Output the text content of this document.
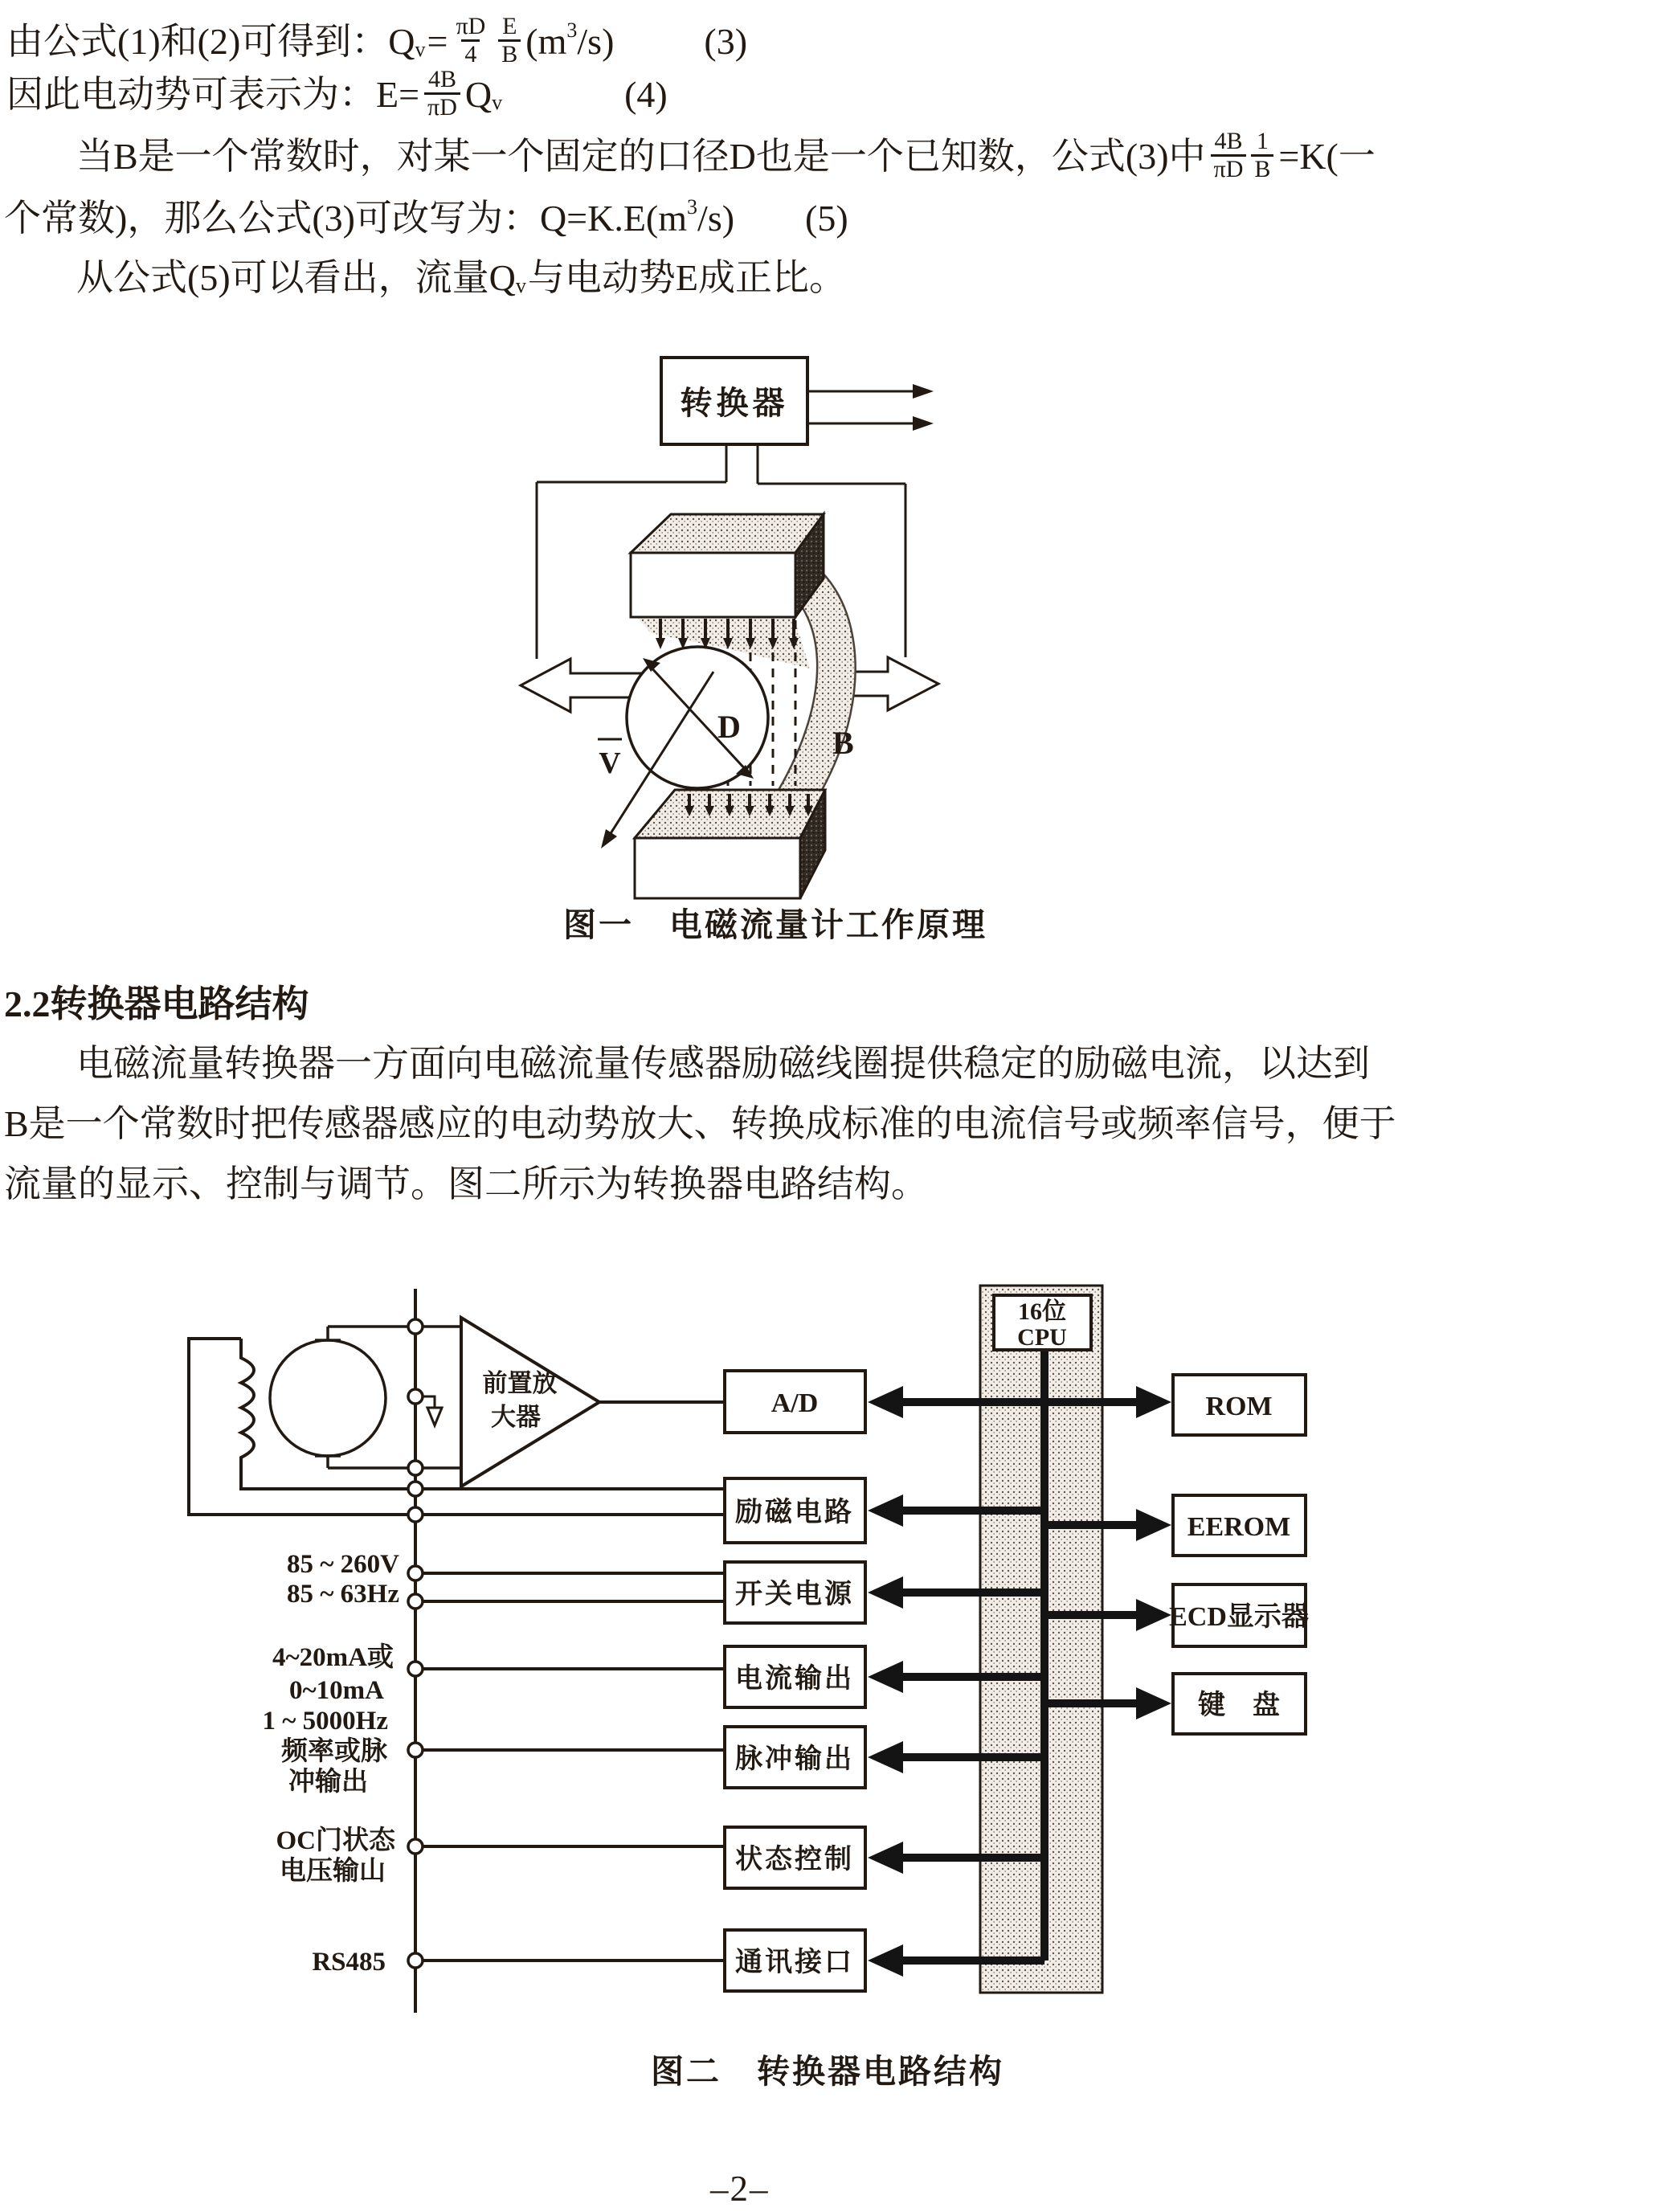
由公式(1)和(2)可得到：$Q_v = \frac{\pi D}{4} \frac{E}{B} (m^3$ /s) (3)
因此电动势可表示为：$E= \frac{4B}{\pi D} Q_v$	(4)
当B是一个常数时，对某一个固定的口径D也是一个已知数，公式(3)中 $\frac{4B}{\pi D} \frac{1}{B} =K$(一
个常数)，那么公式(3)可改写为：$Q=K.E(m^3$ /s) (5)
从公式(5)可以看出，流量$Q_v$ 与电动势E成正比。
转换器
D
V
B
图一　电磁流量计工作原理
2.2转换器电路结构
电磁流量转换器一方面向电磁流量传感器励磁线圈提供稳定的励磁电流，以达到
B是一个常数时把传感器感应的电动势放大、转换成标准的电流信号或频率信号，便于
流量的显示、控制与调节。图二所示为转换器电路结构。
前置放
大器
85 ~ 260V
85 ~ 63Hz
4~20mA或
0~10mA
1 ~ 5000Hz
频率或脉
冲输出
OC门状态
电压输山
RS485
A/D
励磁电路
开关电源
电流输出
脉冲输出
状态控制
通讯接口
16位
CPU
ROM
EEROM
ECD显示器
键　盘
图二　转换器电路结构
–2–
